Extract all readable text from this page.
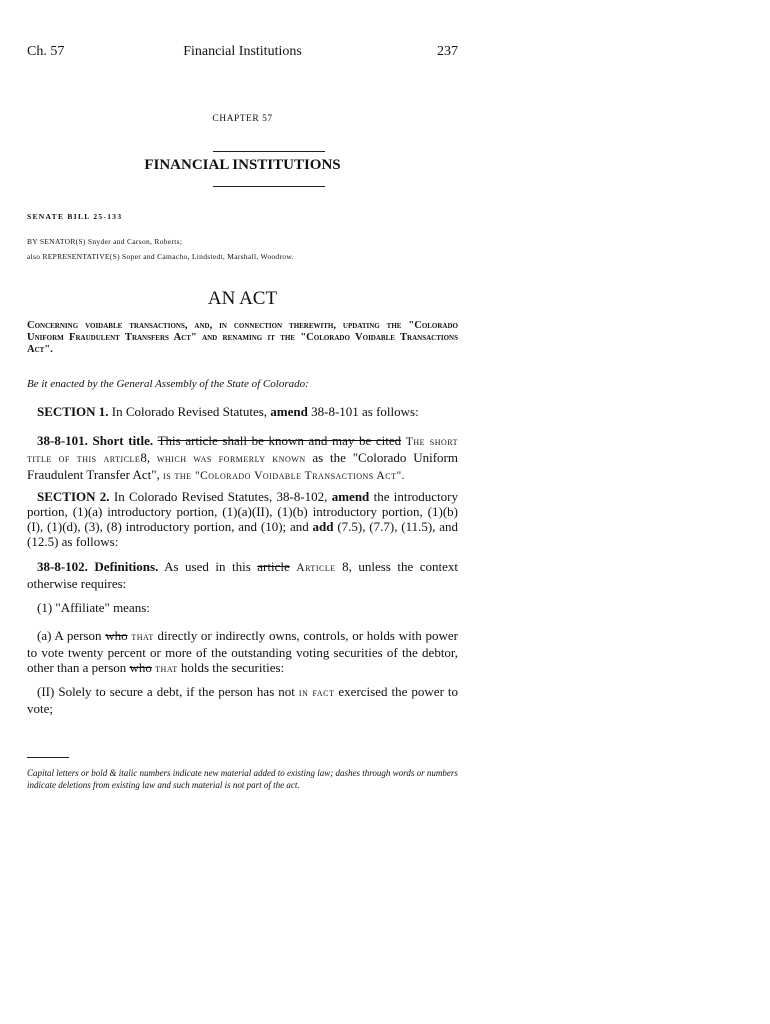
Ch. 57	Financial Institutions	237
CHAPTER 57
FINANCIAL INSTITUTIONS
SENATE BILL 25-133
BY SENATOR(S) Snyder and Carson, Roberts;
also REPRESENTATIVE(S) Soper and Camacho, Lindstedt, Marshall, Woodrow.
AN ACT
Concerning voidable transactions, and, in connection therewith, updating the "Colorado Uniform Fraudulent Transfers Act" and renaming it the "Colorado Voidable Transactions Act".
Be it enacted by the General Assembly of the State of Colorado:
SECTION 1. In Colorado Revised Statutes, amend 38-8-101 as follows:
38-8-101. Short title. This article shall be known and may be cited The short title of this article8, which was formerly known as the "Colorado Uniform Fraudulent Transfer Act", is the "Colorado Voidable Transactions Act".
SECTION 2. In Colorado Revised Statutes, 38-8-102, amend the introductory portion, (1)(a) introductory portion, (1)(a)(II), (1)(b) introductory portion, (1)(b)(I), (1)(d), (3), (8) introductory portion, and (10); and add (7.5), (7.7), (11.5), and (12.5) as follows:
38-8-102. Definitions. As used in this article Article 8, unless the context otherwise requires:
(1) "Affiliate" means:
(a) A person who that directly or indirectly owns, controls, or holds with power to vote twenty percent or more of the outstanding voting securities of the debtor, other than a person who that holds the securities:
(II) Solely to secure a debt, if the person has not in fact exercised the power to vote;
Capital letters or bold & italic numbers indicate new material added to existing law; dashes through words or numbers indicate deletions from existing law and such material is not part of the act.
